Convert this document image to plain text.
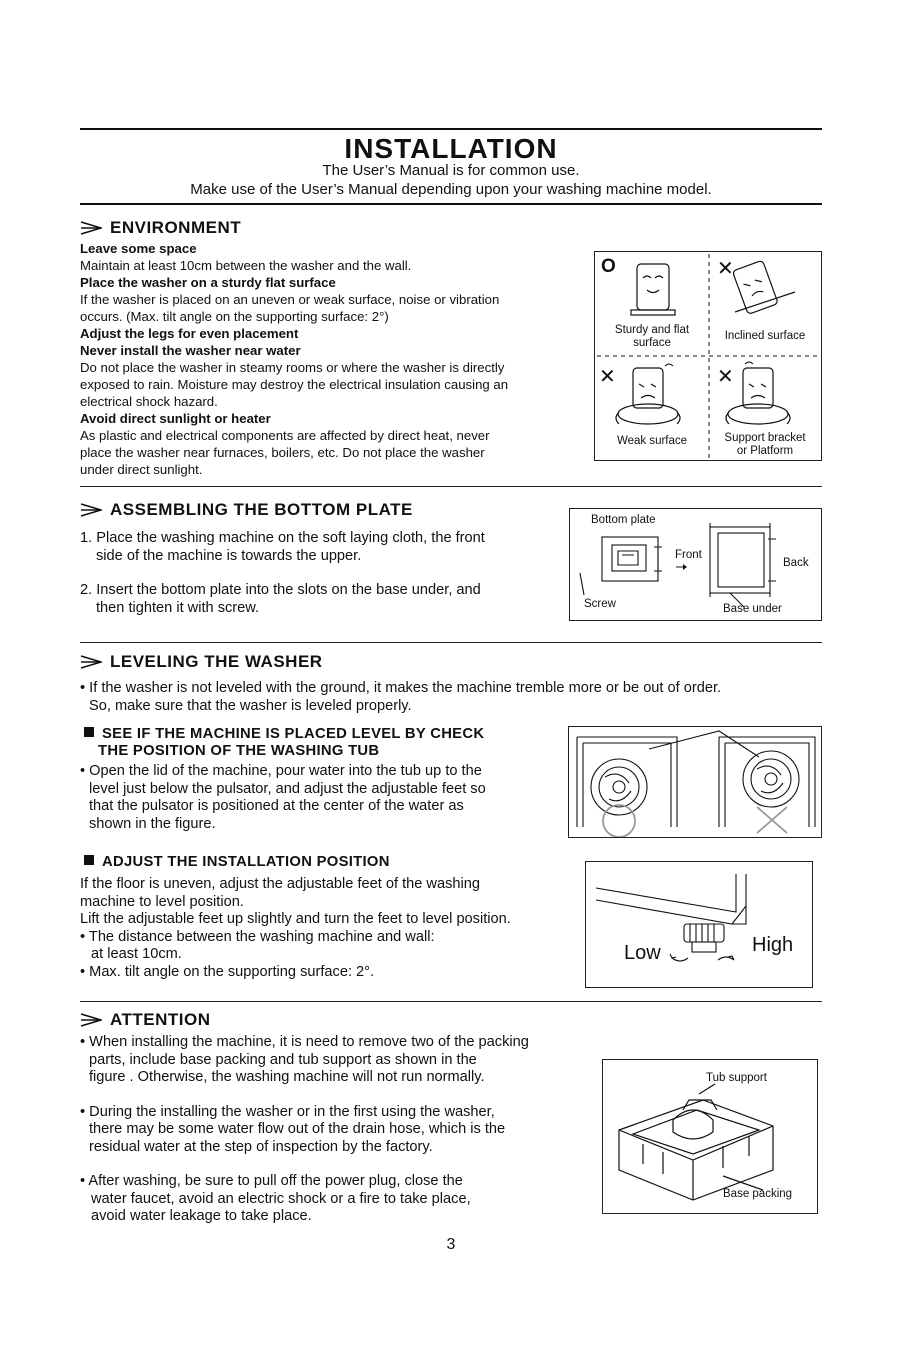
INSTALLATION
The User’s Manual is for common use.
Make use of the User’s Manual depending upon your washing machine model.
ENVIRONMENT

Leave some space

Maintain at least 10cm between the washer and the wall.

Place the washer on a sturdy flat surface

If the washer is placed on an uneven or weak surface, noise or vibration

occurs. (Max. tilt angle on the supporting surface: 2°)

Adjust the legs for even placement

Never install the washer near water

Do not place the washer in steamy rooms or where the washer is directly

exposed to rain. Moisture may destroy the electrical insulation causing an

electrical shock hazard.

Avoid direct sunlight or heater

As plastic and electrical components are affected by direct heat, never

place the washer near furnaces, boilers, etc. Do not place the washer

under direct sunlight.

O	✕
✕	✕
Sturdy and flat
surface
Inclined surface
Weak surface	Support bracket
or Platform
ASSEMBLING THE BOTTOM PLATE

1. Place the washing machine on the soft laying cloth, the front

side of the machine is towards the upper.

2. Insert the bottom plate into the slots on the base under, and

then tighten it with screw.

Bottom plate
Front
Back
Screw	Base under
LEVELING THE WASHER
• If the washer is not leveled with the ground, it makes the machine tremble more or be out of order.
So, make sure that the washer is leveled properly.
SEE IF THE MACHINE IS PLACED LEVEL BY CHECK
THE POSITION OF THE WASHING TUB
• Open the lid of the machine, pour water into the tub up to the
level just below the pulsator, and adjust the adjustable feet so
that the pulsator is positioned at the center of the water as
shown in the figure.
ADJUST THE INSTALLATION POSITION
If the floor is uneven, adjust the adjustable feet of the washing
machine to level position.
Lift the adjustable feet up slightly and turn the feet to level position.
• The distance between the washing machine and wall:
at least 10cm.
• Max. tilt angle on the supporting surface: 2°.
Low	High
ATTENTION
• When installing the machine, it is need to remove two of the packing
parts, include base packing and tub support as shown in the
figure . Otherwise, the washing machine will not run normally.
• During the installing the washer or in the first using the washer,
there may be some water flow out of the drain hose, which is the
residual water at the step of inspection by the factory.
• After washing, be sure to pull off the power plug, close the
water faucet, avoid an electric shock or a fire to take place,
avoid water leakage to take place.
Tub support
Base packing
3
